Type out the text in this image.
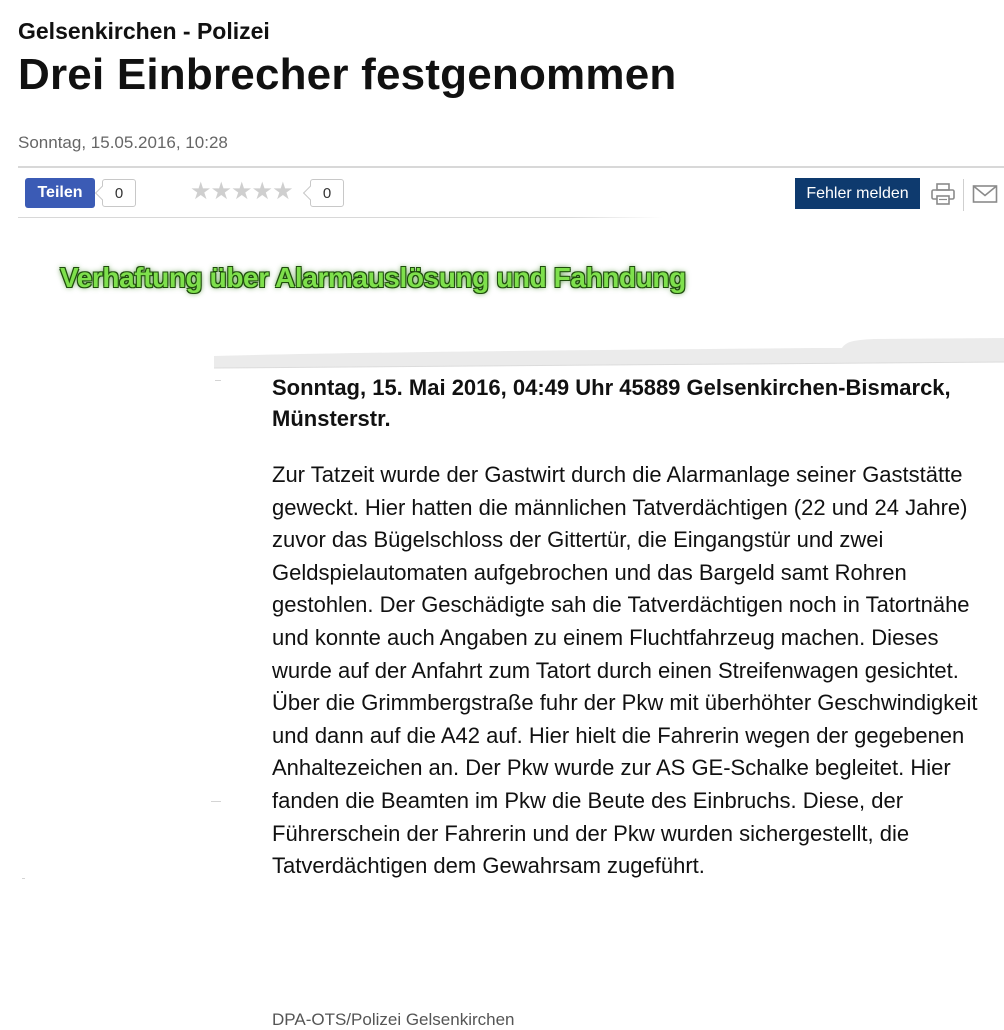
Gelsenkirchen - Polizei
Drei Einbrecher festgenommen
Sonntag, 15.05.2016, 10:28
Teilen	0	★★★★★	0	Fehler melden
Verhaftung über Alarmauslösung und Fahndung

Sonntag, 15. Mai 2016, 04:49 Uhr 45889 Gelsenkirchen-Bismarck, Münsterstr.

Zur Tatzeit wurde der Gastwirt durch die Alarmanlage seiner Gaststätte geweckt. Hier hatten die männlichen Tatverdächtigen (22 und 24 Jahre) zuvor das Bügelschloss der Gittertür, die Eingangstür und zwei Geldspielautomaten aufgebrochen und das Bargeld samt Rohren gestohlen. Der Geschädigte sah die Tatverdächtigen noch in Tatortnähe und konnte auch Angaben zu einem Fluchtfahrzeug machen. Dieses wurde auf der Anfahrt zum Tatort durch einen Streifenwagen gesichtet. Über die Grimmbergstraße fuhr der Pkw mit überhöhter Geschwindigkeit und dann auf die A42 auf. Hier hielt die Fahrerin wegen der gegebenen Anhaltezeichen an. Der Pkw wurde zur AS GE-Schalke begleitet. Hier fanden die Beamten im Pkw die Beute des Einbruchs. Diese, der Führerschein der Fahrerin und der Pkw wurden sichergestellt, die Tatverdächtigen dem Gewahrsam zugeführt.

DPA-OTS/Polizei Gelsenkirchen
